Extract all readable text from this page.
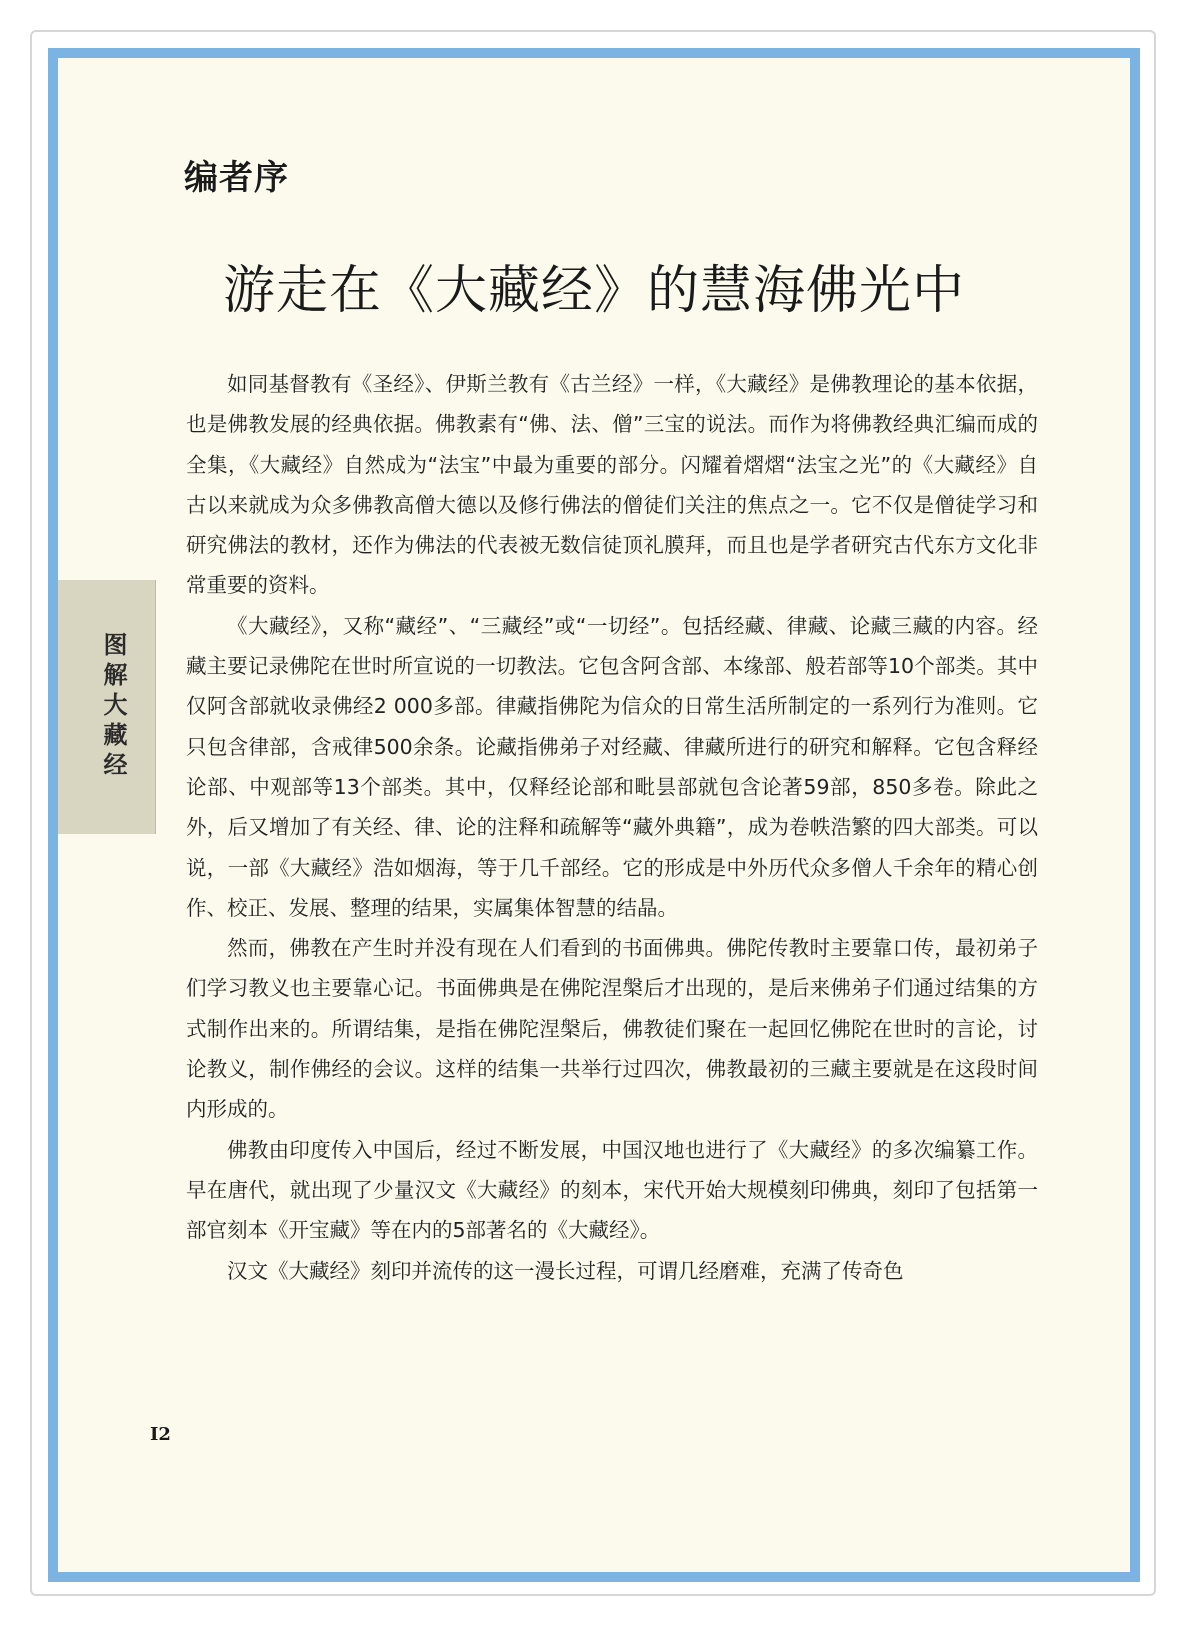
编者序
游走在《大藏经》的慧海佛光中
图解大藏经

如同基督教有《圣经》、伊斯兰教有《古兰经》一样，《大藏经》是佛教理论的基本依据，也是佛教发展的经典依据。佛教素有“佛、法、僧”三宝的说法。而作为将佛教经典汇编而成的全集，《大藏经》自然成为“法宝”中最为重要的部分。闪耀着熠熠“法宝之光”的《大藏经》自古以来就成为众多佛教高僧大德以及修行佛法的僧徒们关注的焦点之一。它不仅是僧徒学习和研究佛法的教材，还作为佛法的代表被无数信徒顶礼膜拜，而且也是学者研究古代东方文化非常重要的资料。

《大藏经》，又称“藏经”、“三藏经”或“一切经”。包括经藏、律藏、论藏三藏的内容。经藏主要记录佛陀在世时所宣说的一切教法。它包含阿含部、本缘部、般若部等10个部类。其中仅阿含部就收录佛经2 000多部。律藏指佛陀为信众的日常生活所制定的一系列行为准则。它只包含律部，含戒律500余条。论藏指佛弟子对经藏、律藏所进行的研究和解释。它包含释经论部、中观部等13个部类。其中，仅释经论部和毗昙部就包含论著59部，850多卷。除此之外，后又增加了有关经、律、论的注释和疏解等“藏外典籍”，成为卷帙浩繁的四大部类。可以说，一部《大藏经》浩如烟海，等于几千部经。它的形成是中外历代众多僧人千余年的精心创作、校正、发展、整理的结果，实属集体智慧的结晶。

然而，佛教在产生时并没有现在人们看到的书面佛典。佛陀传教时主要靠口传，最初弟子们学习教义也主要靠心记。书面佛典是在佛陀涅槃后才出现的，是后来佛弟子们通过结集的方式制作出来的。所谓结集，是指在佛陀涅槃后，佛教徒们聚在一起回忆佛陀在世时的言论，讨论教义，制作佛经的会议。这样的结集一共举行过四次，佛教最初的三藏主要就是在这段时间内形成的。

佛教由印度传入中国后，经过不断发展，中国汉地也进行了《大藏经》的多次编纂工作。早在唐代，就出现了少量汉文《大藏经》的刻本，宋代开始大规模刻印佛典，刻印了包括第一部官刻本《开宝藏》等在内的5部著名的《大藏经》。

汉文《大藏经》刻印并流传的这一漫长过程，可谓几经磨难，充满了传奇色

I2
